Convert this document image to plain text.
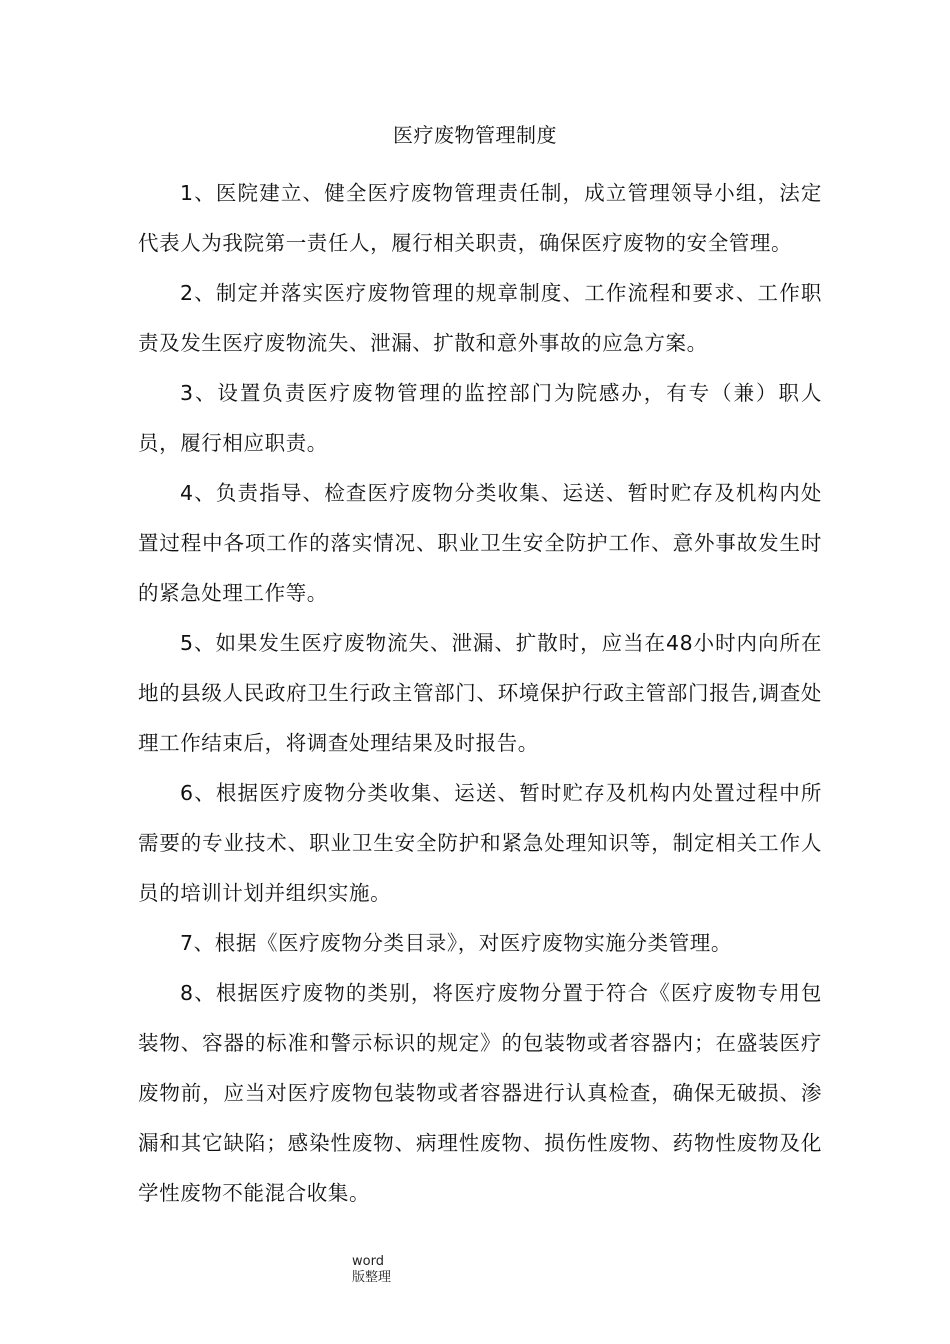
医疗废物管理制度

1、医院建立、健全医疗废物管理责任制，成立管理领导小组，法定代表人为我院第一责任人，履行相关职责，确保医疗废物的安全管理。

2、制定并落实医疗废物管理的规章制度、工作流程和要求、工作职责及发生医疗废物流失、泄漏、扩散和意外事故的应急方案。

3、设置负责医疗废物管理的监控部门为院感办，有专（兼）职人员，履行相应职责。

4、负责指导、检查医疗废物分类收集、运送、暂时贮存及机构内处置过程中各项工作的落实情况、职业卫生安全防护工作、意外事故发生时的紧急处理工作等。

5、如果发生医疗废物流失、泄漏、扩散时，应当在48小时内向所在地的县级人民政府卫生行政主管部门、环境保护行政主管部门报告,调查处理工作结束后，将调查处理结果及时报告。

6、根据医疗废物分类收集、运送、暂时贮存及机构内处置过程中所需要的专业技术、职业卫生安全防护和紧急处理知识等，制定相关工作人员的培训计划并组织实施。

7、根据《医疗废物分类目录》，对医疗废物实施分类管理。

8、根据医疗废物的类别，将医疗废物分置于符合《医疗废物专用包装物、容器的标准和警示标识的规定》的包装物或者容器内；在盛装医疗废物前，应当对医疗废物包装物或者容器进行认真检查，确保无破损、渗漏和其它缺陷；感染性废物、病理性废物、损伤性废物、药物性废物及化学性废物不能混合收集。

word
版整理
